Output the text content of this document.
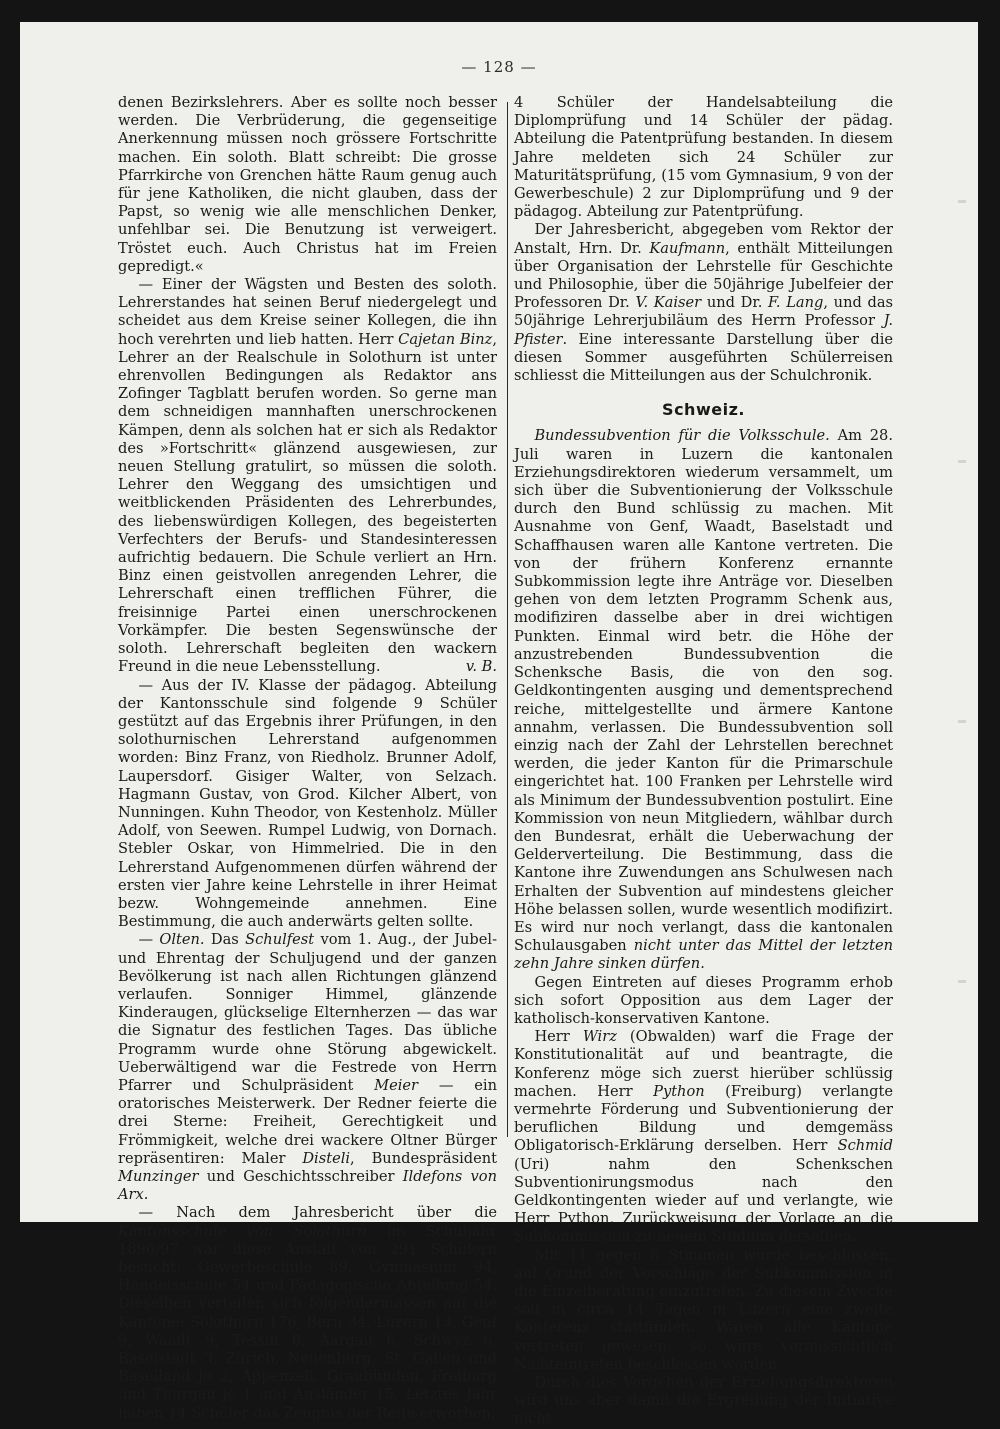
— 128 —

denen Bezirkslehrers. Aber es sollte noch besser werden. Die Verbrüderung, die gegenseitige Anerkennung müssen noch grössere Fortschritte machen. Ein soloth. Blatt schreibt: Die grosse Pfarrkirche von Grenchen hätte Raum genug auch für jene Katholiken, die nicht glauben, dass der Papst, so wenig wie alle menschlichen Denker, unfehlbar sei. Die Benutzung ist verweigert. Tröstet euch. Auch Christus hat im Freien gepredigt.«

— Einer der Wägsten und Besten des soloth. Lehrerstandes hat seinen Beruf niedergelegt und scheidet aus dem Kreise seiner Kollegen, die ihn hoch verehrten und lieb hatten. Herr Cajetan Binz, Lehrer an der Realschule in Solothurn ist unter ehrenvollen Bedingungen als Redaktor ans Zofinger Tagblatt berufen worden. So gerne man dem schneidigen mannhaften unerschrockenen Kämpen, denn als solchen hat er sich als Redaktor des »Fortschritt« glänzend ausgewiesen, zur neuen Stellung gratulirt, so müssen die soloth. Lehrer den Weggang des umsichtigen und weitblickenden Präsidenten des Lehrerbundes, des liebenswürdigen Kollegen, des begeisterten Verfechters der Berufs- und Standesinteressen aufrichtig bedauern. Die Schule verliert an Hrn. Binz einen geistvollen anregenden Lehrer, die Lehrerschaft einen trefflichen Führer, die freisinnige Partei einen unerschrockenen Vorkämpfer. Die besten Segenswünsche der soloth. Lehrerschaft begleiten den wackern Freund in die neue Lebensstellung.	v. B.

— Aus der IV. Klasse der pädagog. Abteilung der Kantonsschule sind folgende 9 Schüler gestützt auf das Ergebnis ihrer Prüfungen, in den solothurnischen Lehrerstand aufgenommen worden: Binz Franz, von Riedholz. Brunner Adolf, Laupersdorf. Gisiger Walter, von Selzach. Hagmann Gustav, von Grod. Kilcher Albert, von Nunningen. Kuhn Theodor, von Kestenholz. Müller Adolf, von Seewen. Rumpel Ludwig, von Dornach. Stebler Oskar, von Himmelried. Die in den Lehrerstand Aufgenommenen dürfen während der ersten vier Jahre keine Lehrstelle in ihrer Heimat bezw. Wohngemeinde annehmen. Eine Bestimmung, die auch anderwärts gelten sollte.

— Olten. Das Schulfest vom 1. Aug., der Jubel- und Ehrentag der Schuljugend und der ganzen Bevölkerung ist nach allen Richtungen glänzend verlaufen. Sonniger Himmel, glänzende Kinderaugen, glückselige Elternherzen — das war die Signatur des festlichen Tages. Das übliche Programm wurde ohne Störung abgewickelt. Ueberwältigend war die Festrede von Herrn Pfarrer und Schulpräsident Meier — ein oratorisches Meisterwerk. Der Redner feierte die drei Sterne: Freiheit, Gerechtigkeit und Frömmigkeit, welche drei wackere Oltner Bürger repräsentiren: Maler Disteli, Bundespräsident Munzinger und Geschichtsschreiber Ildefons von Arx.

— Nach dem Jahresbericht über die Kantonsschule von Solothurn im Schuljahr 1896/97 war diese Anstalt von 291 Schülern besucht: Gewerbeschule 89, Gymnasium 94, Handelsschule 54 und Pädagogische Abteilung 54. Dieselben verteilen sich folgendermassen auf die Kantone: Solothurn 176, Bern 34, Luzern 13, Genf 9, Waadt 9, Tessin 8, Aargau 6, Schwyz 6, Baselstadt 3, Zürich, Neuenburg, St. Gallen und Baselland je 2, Appenzell, Graubünden, Freiburg und Thurgau je 1 und Ausländer 15. Letztes Jahr haben 14 Schüler das Zeugnis der Reife erworben,

4 Schüler der Handelsabteilung die Diplomprüfung und 14 Schüler der pädag. Abteilung die Patentprüfung bestanden. In diesem Jahre meldeten sich 24 Schüler zur Maturitätsprüfung, (15 vom Gymnasium, 9 von der Gewerbeschule) 2 zur Diplomprüfung und 9 der pädagog. Abteilung zur Patentprüfung.

Der Jahresbericht, abgegeben vom Rektor der Anstalt, Hrn. Dr. Kaufmann, enthält Mitteilungen über Organisation der Lehrstelle für Geschichte und Philosophie, über die 50jährige Jubelfeier der Professoren Dr. V. Kaiser und Dr. F. Lang, und das 50jährige Lehrerjubiläum des Herrn Professor J. Pfister. Eine interessante Darstellung über die diesen Sommer ausgeführten Schülerreisen schliesst die Mitteilungen aus der Schulchronik.

Schweiz.

Bundessubvention für die Volksschule. Am 28. Juli waren in Luzern die kantonalen Erziehungsdirektoren wiederum versammelt, um sich über die Subventionierung der Volksschule durch den Bund schlüssig zu machen. Mit Ausnahme von Genf, Waadt, Baselstadt und Schaffhausen waren alle Kantone vertreten. Die von der frühern Konferenz ernannte Subkommission legte ihre Anträge vor. Dieselben gehen von dem letzten Programm Schenk aus, modifiziren dasselbe aber in drei wichtigen Punkten. Einmal wird betr. die Höhe der anzustrebenden Bundessubvention die Schenksche Basis, die von den sog. Geldkontingenten ausging und dementsprechend reiche, mittelgestellte und ärmere Kantone annahm, verlassen. Die Bundessubvention soll einzig nach der Zahl der Lehrstellen berechnet werden, die jeder Kanton für die Primarschule eingerichtet hat. 100 Franken per Lehrstelle wird als Minimum der Bundessubvention postulirt. Eine Kommission von neun Mitgliedern, wählbar durch den Bundesrat, erhält die Ueberwachung der Gelderverteilung. Die Bestimmung, dass die Kantone ihre Zuwendungen ans Schulwesen nach Erhalten der Subvention auf mindestens gleicher Höhe belassen sollen, wurde wesentlich modifizirt. Es wird nur noch verlangt, dass die kantonalen Schulausgaben nicht unter das Mittel der letzten zehn Jahre sinken dürfen.

Gegen Eintreten auf dieses Programm erhob sich sofort Opposition aus dem Lager der katholisch-konservativen Kantone.

Herr Wirz (Obwalden) warf die Frage der Konstitutionalität auf und beantragte, die Konferenz möge sich zuerst hierüber schlüssig machen. Herr Python (Freiburg) verlangte vermehrte Förderung und Subventionierung der beruflichen Bildung und demgemäss Obligatorisch-Erklärung derselben. Herr Schmid (Uri) nahm den Schenkschen Subventionirungsmodus nach den Geldkontingenten wieder auf und verlangte, wie Herr Python, Zurückweisung der Vorlage an die Subkommission zu neuem Studium derselben.

Mit 11 gegen 8 Stimmen wurde beschlossen, auf Grund der Vorschläge der Subkommission in die Einzelberatung einzutreten. Zu diesem Zwecke soll in circa 14 Tagen in Luzern eine zweite Konferenz stattfinden. Wären alle Kantone vertreten gewesen, so wäre voraussichtlich Nichteintreten beschlossen worden.

Durch dies Vorgehen der Erziehungsdirektoren wird uns aber damit die Ergreifung der Initiative nicht
